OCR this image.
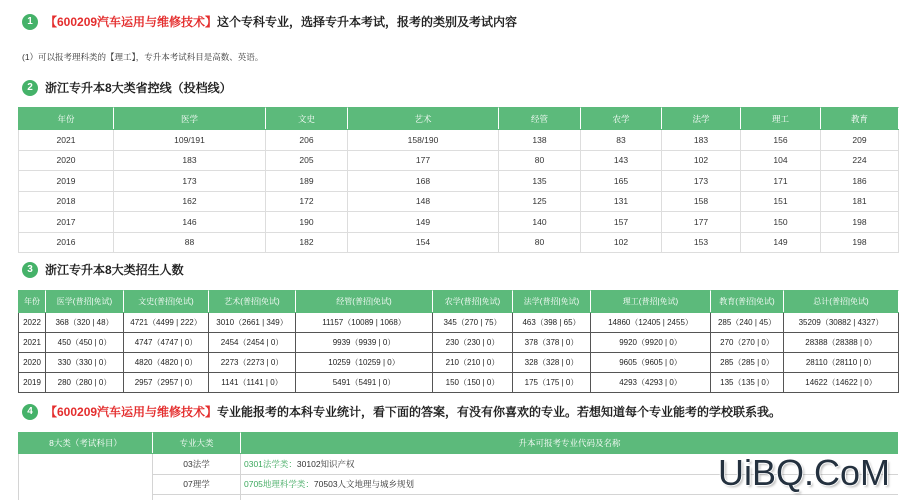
1	【600209汽车运用与维修技术】这个专科专业，选择专升本考试，报考的类别及考试内容
(1）可以报考理科类的【理工】，专升本考试科目是高数、英语。
2	浙江专升本8大类省控线（投档线）
年份	医学	文史	艺术	经管	农学	法学	理工	教育
2021	109/191	206	158/190	138	83	183	156	209
2020	183	205	177	80	143	102	104	224
2019	173	189	168	135	165	173	171	186
2018	162	172	148	125	131	158	151	181
2017	146	190	149	140	157	177	150	198
2016	88	182	154	80	102	153	149	198
3	浙江专升本8大类招生人数
年份	医学(普招|免试)	文史(普招|免试)	艺术(普招|免试)	经管(普招|免试)	农学(普招|免试)	法学(普招|免试)	理工(普招|免试)	教育(普招|免试)	总计(普招|免试)
2022	368（320 | 48）	4721（4499 | 222）	3010（2661 | 349）	11157（10089 | 1068）	345（270 | 75）	463（398 | 65）	14860（12405 | 2455）	285（240 | 45）	35209（30882 | 4327）
2021	450（450 | 0）	4747（4747 | 0）	2454（2454 | 0）	9939（9939 | 0）	230（230 | 0）	378（378 | 0）	9920（9920 | 0）	270（270 | 0）	28388（28388 | 0）
2020	330（330 | 0）	4820（4820 | 0）	2273（2273 | 0）	10259（10259 | 0）	210（210 | 0）	328（328 | 0）	9605（9605 | 0）	285（285 | 0）	28110（28110 | 0）
2019	280（280 | 0）	2957（2957 | 0）	1141（1141 | 0）	5491（5491 | 0）	150（150 | 0）	175（175 | 0）	4293（4293 | 0）	135（135 | 0）	14622（14622 | 0）
4	【600209汽车运用与维修技术】专业能报考的本科专业统计，看下面的答案，有没有你喜欢的专业。若想知道每个专业能考的学校联系我。
8大类（考试科目）	专业大类	升本可报考专业代码及名称
	03法学	0301法学类：30102知识产权
	07理学	0705地理科学类：70503人文地理与城乡规划
		UiBQ.CoM
